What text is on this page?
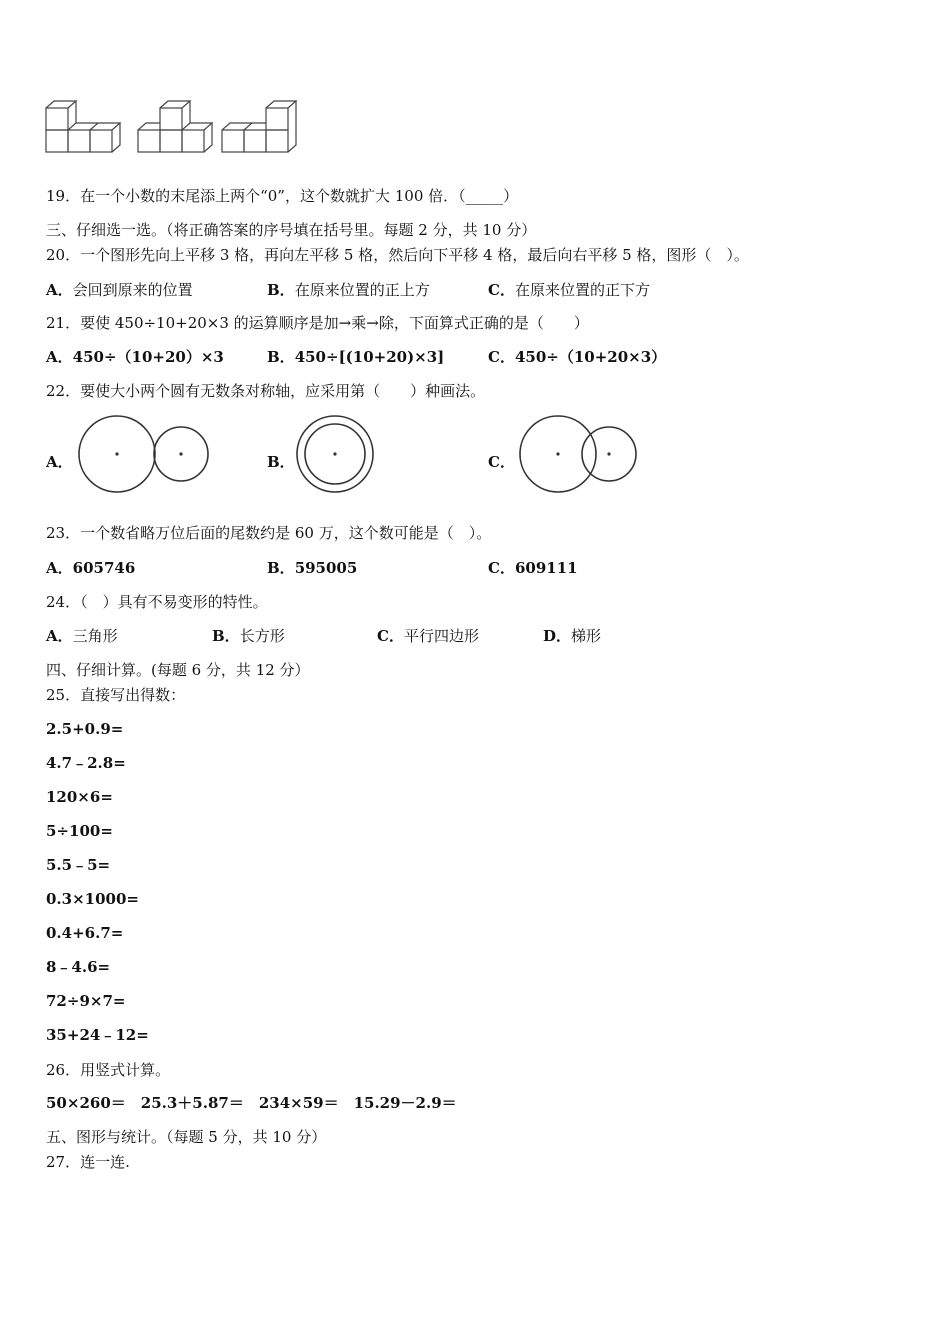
19．在一个小数的末尾添上两个“0”，这个数就扩大 100 倍．（_____）
三、仔细选一选。（将正确答案的序号填在括号里。每题 2 分，共 10 分）
20．一个图形先向上平移 3 格，再向左平移 5 格，然后向下平移 4 格，最后向右平移 5 格，图形（　）。
A．会回到原来的位置	B．在原来位置的正上方	C．在原来位置的正下方
21．要使 450÷10+20×3 的运算顺序是加→乘→除，下面算式正确的是（　　）
A．450÷（10+20）×3	B．450÷[(10+20)×3]	C．450÷（10+20×3）
22．要使大小两个圆有无数条对称轴，应采用第（　　）种画法。
A．	B．	C．
23．一个数省略万位后面的尾数约是 60 万，这个数可能是（　）。
A．605746	B．595005	C．609111
24．（　）具有不易变形的特性。
A．三角形	B．长方形	C．平行四边形	D．梯形
四、仔细计算。(每题 6 分，共 12 分）
25．直接写出得数：
2.5+0.9=
4.7﹣2.8=
120×6=
5÷100=
5.5﹣5=
0.3×1000=
0.4+6.7=
8﹣4.6=
72÷9×7=
35+24﹣12=
26．用竖式计算。
50×260＝　25.3＋5.87＝　234×59＝　15.29－2.9＝
五、图形与统计。（每题 5 分，共 10 分）
27．连一连.
